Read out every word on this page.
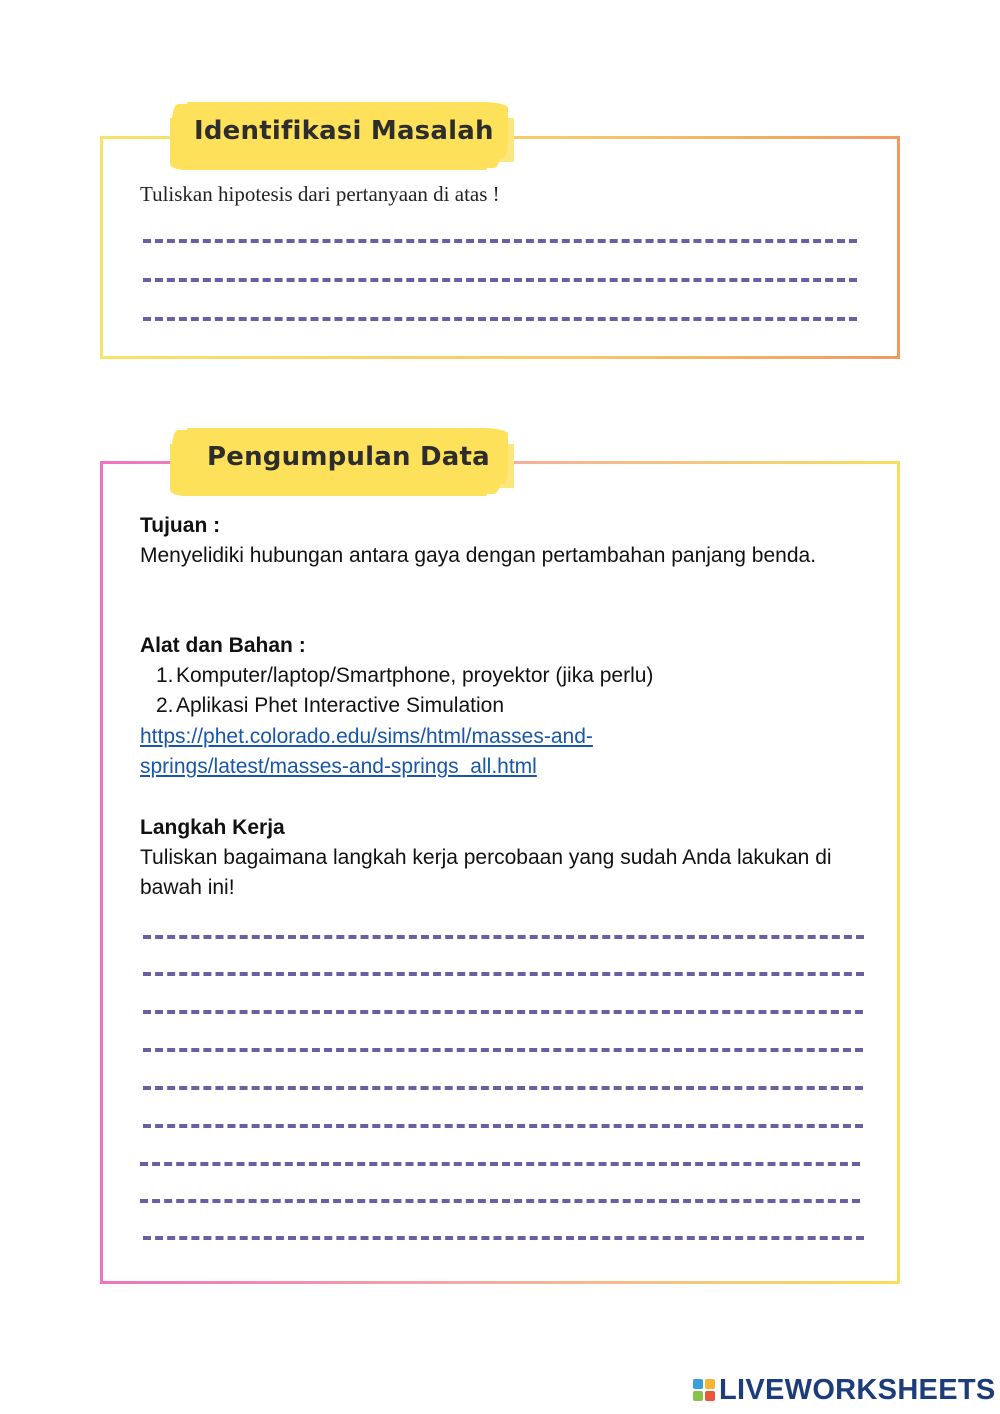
Identifikasi Masalah
Tuliskan hipotesis dari pertanyaan di atas !
Pengumpulan Data
Tujuan :
Menyelidiki hubungan antara gaya dengan pertambahan panjang benda.
Alat dan Bahan :
1. Komputer/laptop/Smartphone, proyektor (jika perlu)
2. Aplikasi Phet Interactive Simulation
https://phet.colorado.edu/sims/html/masses-and-
springs/latest/masses-and-springs_all.html
Langkah Kerja
Tuliskan bagaimana langkah kerja percobaan yang sudah Anda lakukan di bawah ini!
LIVEWORKSHEETS
